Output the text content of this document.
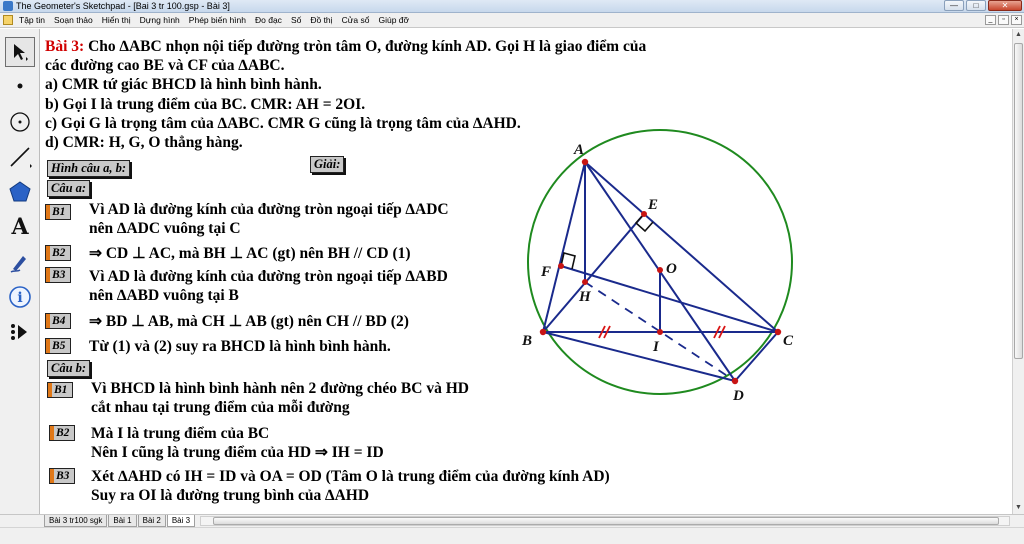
The Geometer's Sketchpad - [Bai 3 tr 100.gsp - Bài 3]	—	□	✕
Tập tin Soạn thảo Hiển thị Dựng hình Phép biến hình Đo đạc Số Đồ thị Cửa sổ Giúp đỡ	_	▫	×
A
i
Bài 3: Cho ∆ABC nhọn nội tiếp đường tròn tâm O, đường kính AD. Gọi H là giao điểm của
các đường cao BE và CF của ∆ABC.
a) CMR tứ giác BHCD là hình bình hành.
b) Gọi I là trung điểm của BC. CMR: AH = 2OI.
c) Gọi G là trọng tâm của ∆ABC. CMR G cũng là trọng tâm của ∆AHD.
d) CMR: H, G, O thẳng hàng.
Hình câu a, b:	Giải:
Câu a:
B1	Vì AD là đường kính của đường tròn ngoại tiếp ∆ADC
nên ∆ADC vuông tại C
B2	⇒ CD ⊥ AC, mà BH ⊥ AC (gt) nên BH // CD (1)
B3	Vì AD là đường kính của đường tròn ngoại tiếp ∆ABD
nên ∆ABD vuông tại B
B4	⇒ BD ⊥ AB, mà CH ⊥ AB (gt) nên CH // BD (2)
B5	Từ (1) và (2) suy ra BHCD là hình bình hành.
Câu b:
B1	Vì BHCD là hình bình hành nên 2 đường chéo BC và HD
cắt nhau tại trung điểm của mỗi đường
B2	Mà I là trung điểm của BC
Nên I cũng là trung điểm của HD ⇒ IH = ID
B3	Xét ∆AHD có IH = ID và OA = OD (Tâm O là trung điểm của đường kính AD)
Suy ra OI là đường trung bình của ∆AHD
A
B	C
D
E
F
H
I
O
▲
▼
Bài 3 tr100 sgk	Bài 1	Bài 2	Bài 3
